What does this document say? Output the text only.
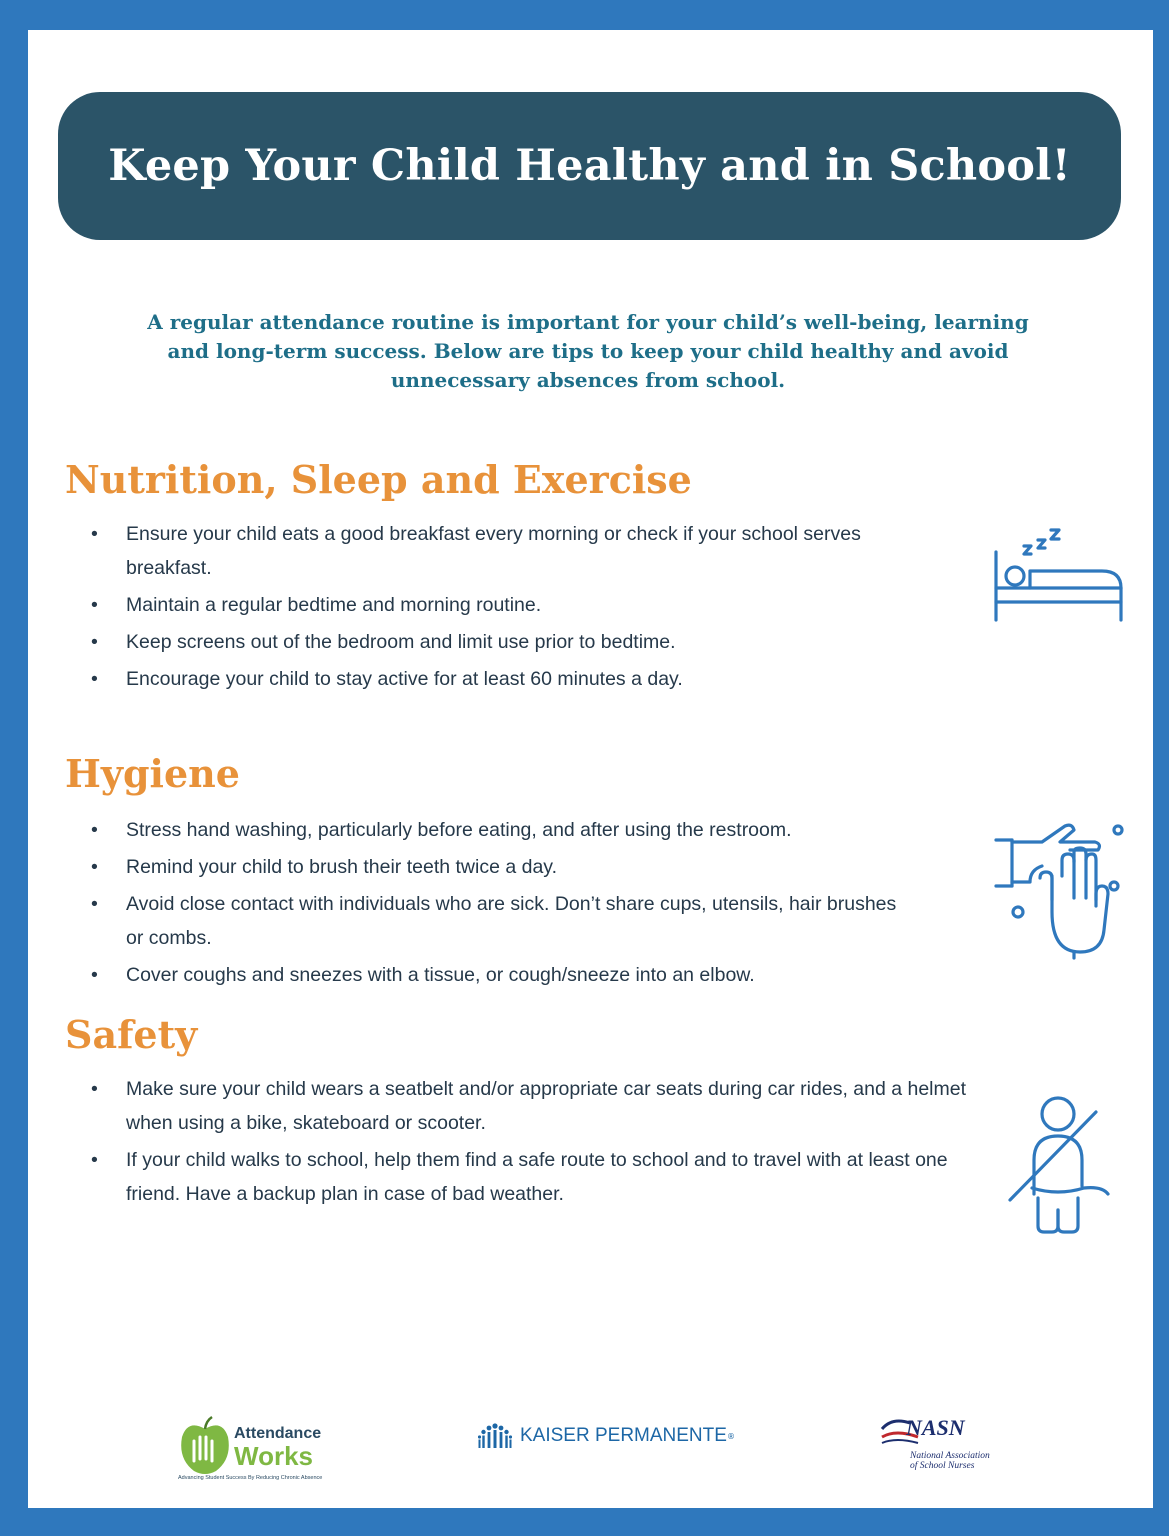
Keep Your Child Healthy and in School!

A regular attendance routine is important for your child’s well-being, learning and long-term success. Below are tips to keep your child healthy and avoid unnecessary absences from school.

Nutrition, Sleep and Exercise
• Ensure your child eats a good breakfast every morning or check if your school serves breakfast.
• Maintain a regular bedtime and morning routine.
• Keep screens out of the bedroom and limit use prior to bedtime.
• Encourage your child to stay active for at least 60 minutes a day.
Hygiene
• Stress hand washing, particularly before eating, and after using the restroom.
• Remind your child to brush their teeth twice a day.
• Avoid close contact with individuals who are sick. Don’t share cups, utensils, hair brushes or combs.
• Cover coughs and sneezes with a tissue, or cough/sneeze into an elbow.
Safety
• Make sure your child wears a seatbelt and/or appropriate car seats during car rides, and a helmet when using a bike, skateboard or scooter.
• If your child walks to school, help them find a safe route to school and to travel with at least one friend. Have a backup plan in case of bad weather.
Attendance
Works
Advancing Student Success By Reducing Chronic Absence
KAISER PERMANENTE ®	NASN
National Association of School Nurses
